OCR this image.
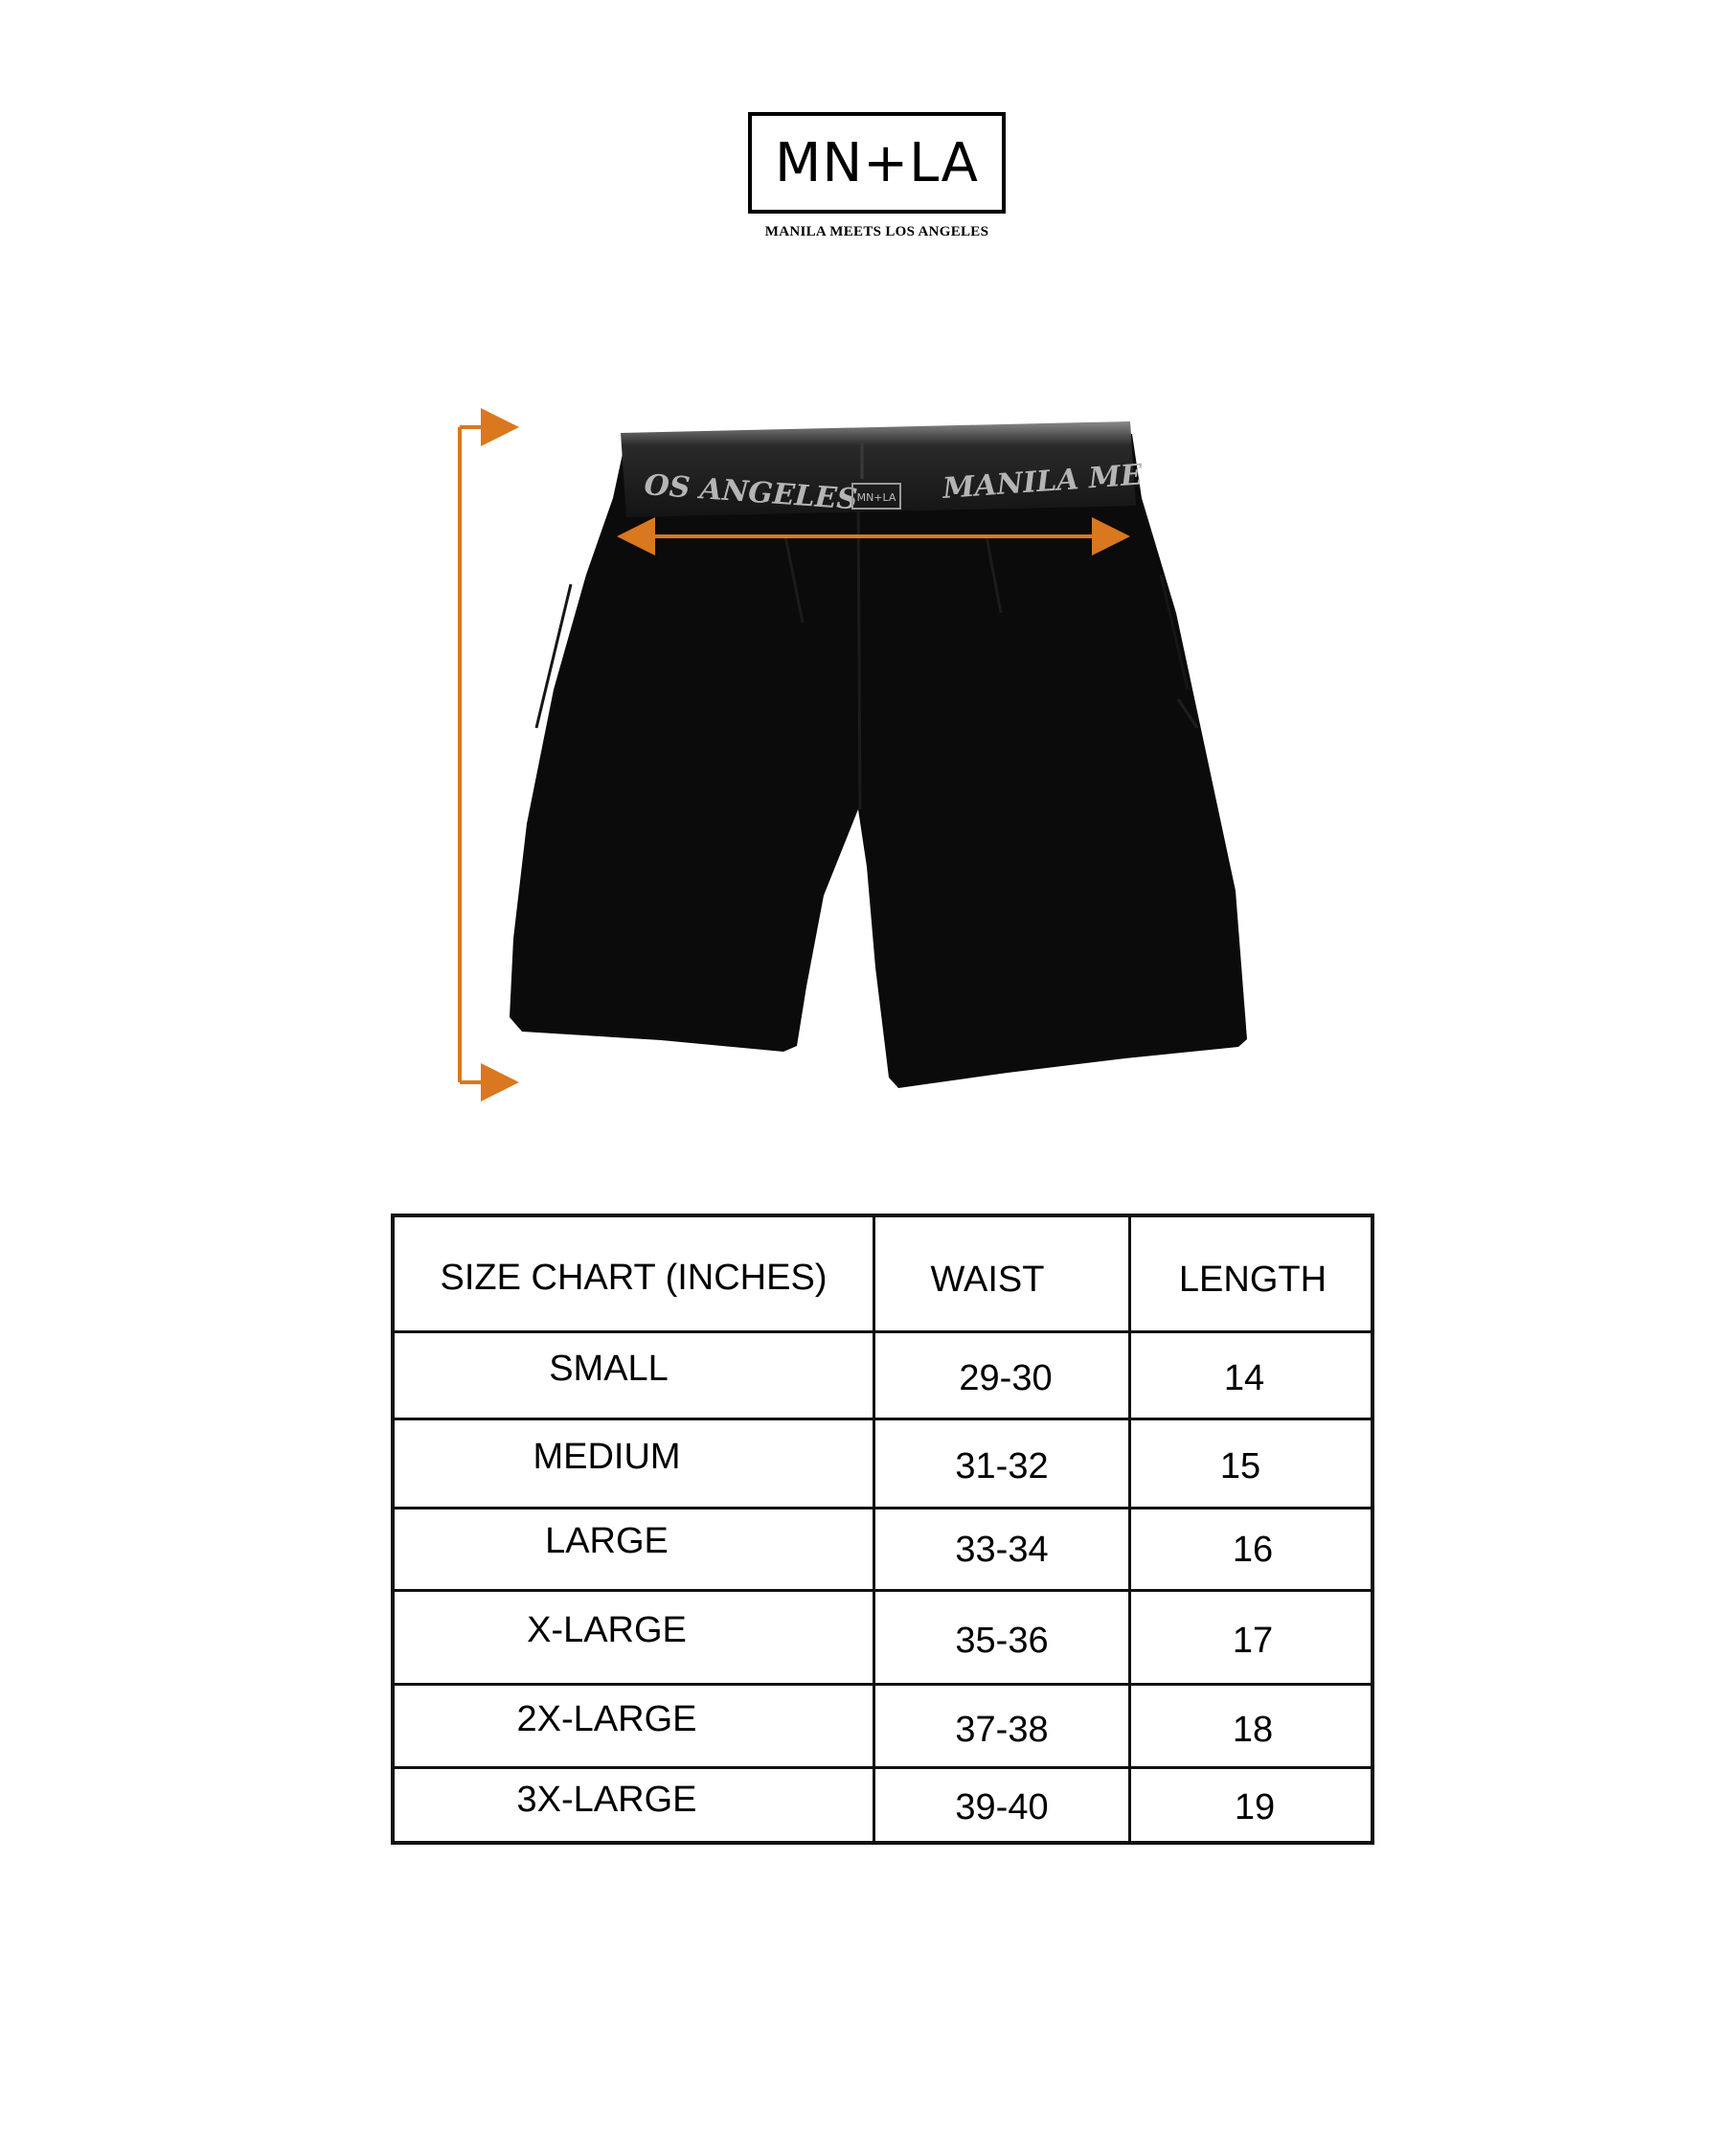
MN+LA
MANILA MEETS LOS ANGELES
OS ANGELES	MANILA ME
MN+LA
SIZE CHART (INCHES)	WAIST	LENGTH
SMALL	29-30	14
MEDIUM	31-32	15
LARGE	33-34	16
X-LARGE	35-36	17
2X-LARGE	37-38	18
3X-LARGE	39-40	19
